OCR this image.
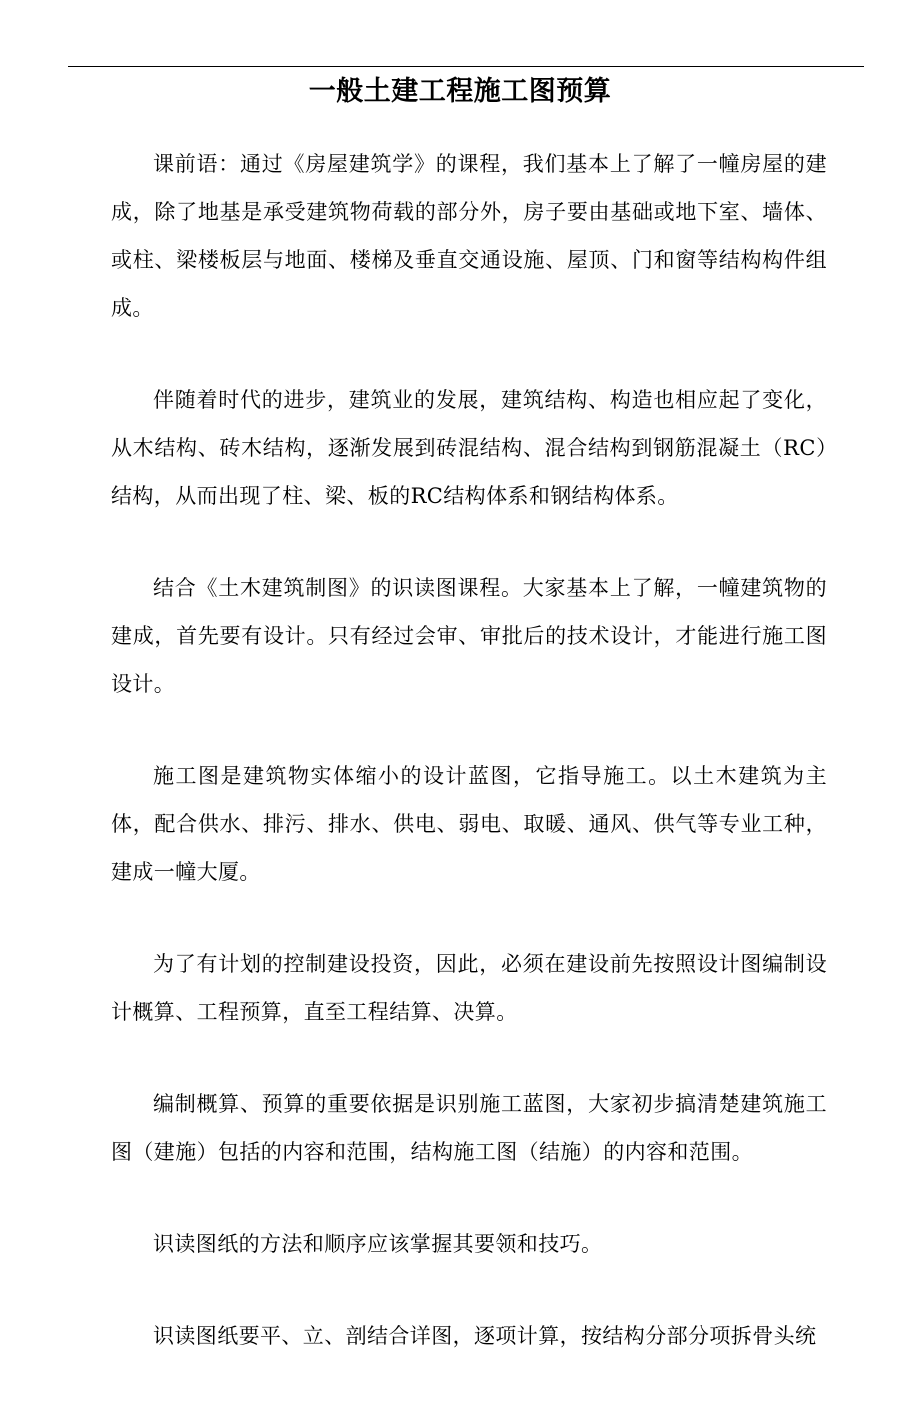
一般土建工程施工图预算

课前语：通过《房屋建筑学》的课程，我们基本上了解了一幢房屋的建成，除了地基是承受建筑物荷载的部分外，房子要由基础或地下室、墙体、或柱、梁楼板层与地面、楼梯及垂直交通设施、屋顶、门和窗等结构构件组成。

伴随着时代的进步，建筑业的发展，建筑结构、构造也相应起了变化，从木结构、砖木结构，逐渐发展到砖混结构、混合结构到钢筋混凝土（RC）结构，从而出现了柱、梁、板的RC结构体系和钢结构体系。

结合《土木建筑制图》的识读图课程。大家基本上了解，一幢建筑物的建成，首先要有设计。只有经过会审、审批后的技术设计，才能进行施工图设计。

施工图是建筑物实体缩小的设计蓝图，它指导施工。以土木建筑为主体，配合供水、排污、排水、供电、弱电、取暖、通风、供气等专业工种，建成一幢大厦。

为了有计划的控制建设投资，因此，必须在建设前先按照设计图编制设计概算、工程预算，直至工程结算、决算。

编制概算、预算的重要依据是识别施工蓝图，大家初步搞清楚建筑施工图（建施）包括的内容和范围，结构施工图（结施）的内容和范围。

识读图纸的方法和顺序应该掌握其要领和技巧。

识读图纸要平、立、剖结合详图，逐项计算，按结构分部分项拆骨头统
